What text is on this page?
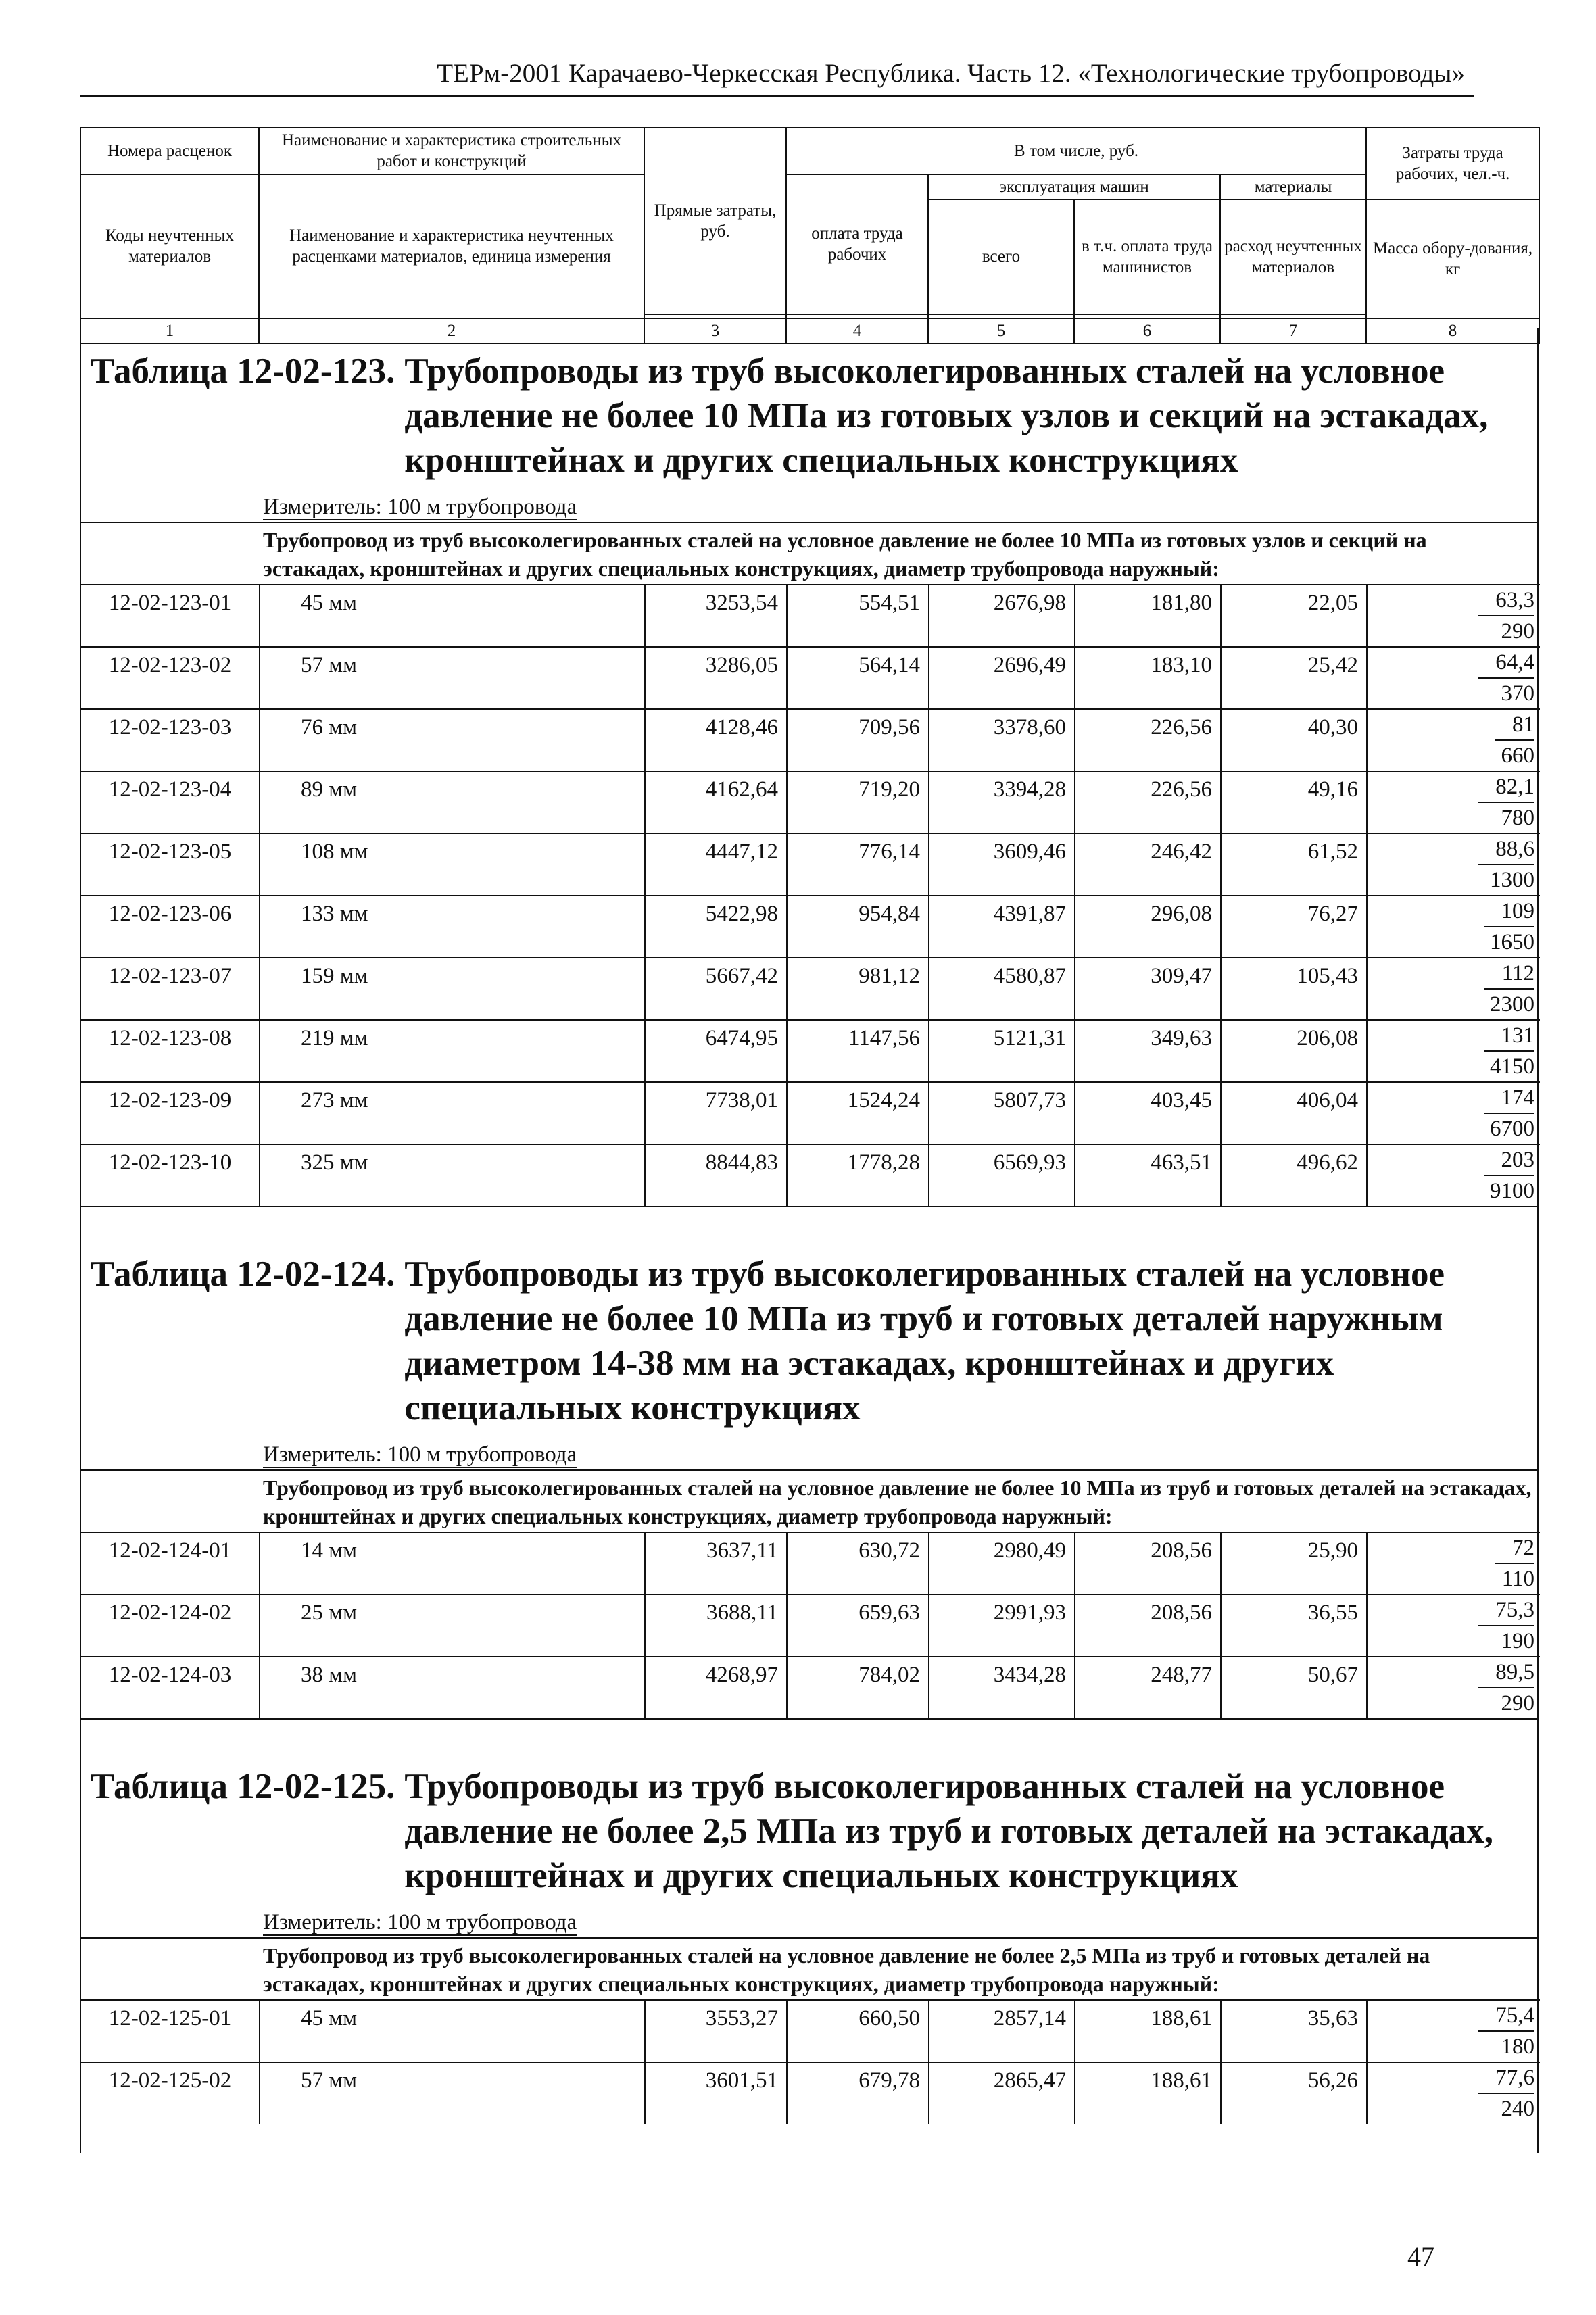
ТЕРм-2001 Карачаево-Черкесская Республика. Часть 12. «Технологические трубопроводы»
Номера расценок	Наименование и характеристика строительных работ и конструкций	Прямые затраты, руб.	В том числе, руб.				Затраты труда рабочих, чел.-ч.
Коды неучтенных материалов	Наименование и характеристика неучтенных расценками материалов, единица измерения		оплата труда рабочих	эксплуатация машин		материалы	
				всего	в т.ч. оплата труда машинистов	расход неучтенных материалов	Масса обору-дования, кг

1	2	3	4	5	6	7	8
Таблица 12-02-123. Трубопроводы из труб высоколегированных сталей на условное давление не более 10 МПа из готовых узлов и секций на эстакадах, кронштейнах и других специальных конструкциях
Измеритель: 100 м трубопровода
Трубопровод из труб высоколегированных сталей на условное давление не более 10 МПа из готовых узлов и секций на эстакадах, кронштейнах и других специальных конструкциях, диаметр трубопровода наружный:
12-02-123-01	45 мм	3253,54	554,51	2676,98	181,80	22,05	63,3
290
12-02-123-02	57 мм	3286,05	564,14	2696,49	183,10	25,42	64,4
370
12-02-123-03	76 мм	4128,46	709,56	3378,60	226,56	40,30	81
660
12-02-123-04	89 мм	4162,64	719,20	3394,28	226,56	49,16	82,1
780
12-02-123-05	108 мм	4447,12	776,14	3609,46	246,42	61,52	88,6
1300
12-02-123-06	133 мм	5422,98	954,84	4391,87	296,08	76,27	109
1650
12-02-123-07	159 мм	5667,42	981,12	4580,87	309,47	105,43	112
2300
12-02-123-08	219 мм	6474,95	1147,56	5121,31	349,63	206,08	131
4150
12-02-123-09	273 мм	7738,01	1524,24	5807,73	403,45	406,04	174
6700
12-02-123-10	325 мм	8844,83	1778,28	6569,93	463,51	496,62	203
9100
Таблица 12-02-124. Трубопроводы из труб высоколегированных сталей на условное давление не более 10 МПа из труб и готовых деталей наружным диаметром 14-38 мм на эстакадах, кронштейнах и других специальных конструкциях
Измеритель: 100 м трубопровода
Трубопровод из труб высоколегированных сталей на условное давление не более 10 МПа из труб и готовых деталей на эстакадах, кронштейнах и других специальных конструкциях, диаметр трубопровода наружный:
12-02-124-01	14 мм	3637,11	630,72	2980,49	208,56	25,90	72
110
12-02-124-02	25 мм	3688,11	659,63	2991,93	208,56	36,55	75,3
190
12-02-124-03	38 мм	4268,97	784,02	3434,28	248,77	50,67	89,5
290
Таблица 12-02-125. Трубопроводы из труб высоколегированных сталей на условное давление не более 2,5 МПа из труб и готовых деталей на эстакадах, кронштейнах и других специальных конструкциях
Измеритель: 100 м трубопровода
Трубопровод из труб высоколегированных сталей на условное давление не более 2,5 МПа из труб и готовых деталей на эстакадах, кронштейнах и других специальных конструкциях, диаметр трубопровода наружный:
12-02-125-01	45 мм	3553,27	660,50	2857,14	188,61	35,63	75,4
180
12-02-125-02	57 мм	3601,51	679,78	2865,47	188,61	56,26	77,6
240
47
